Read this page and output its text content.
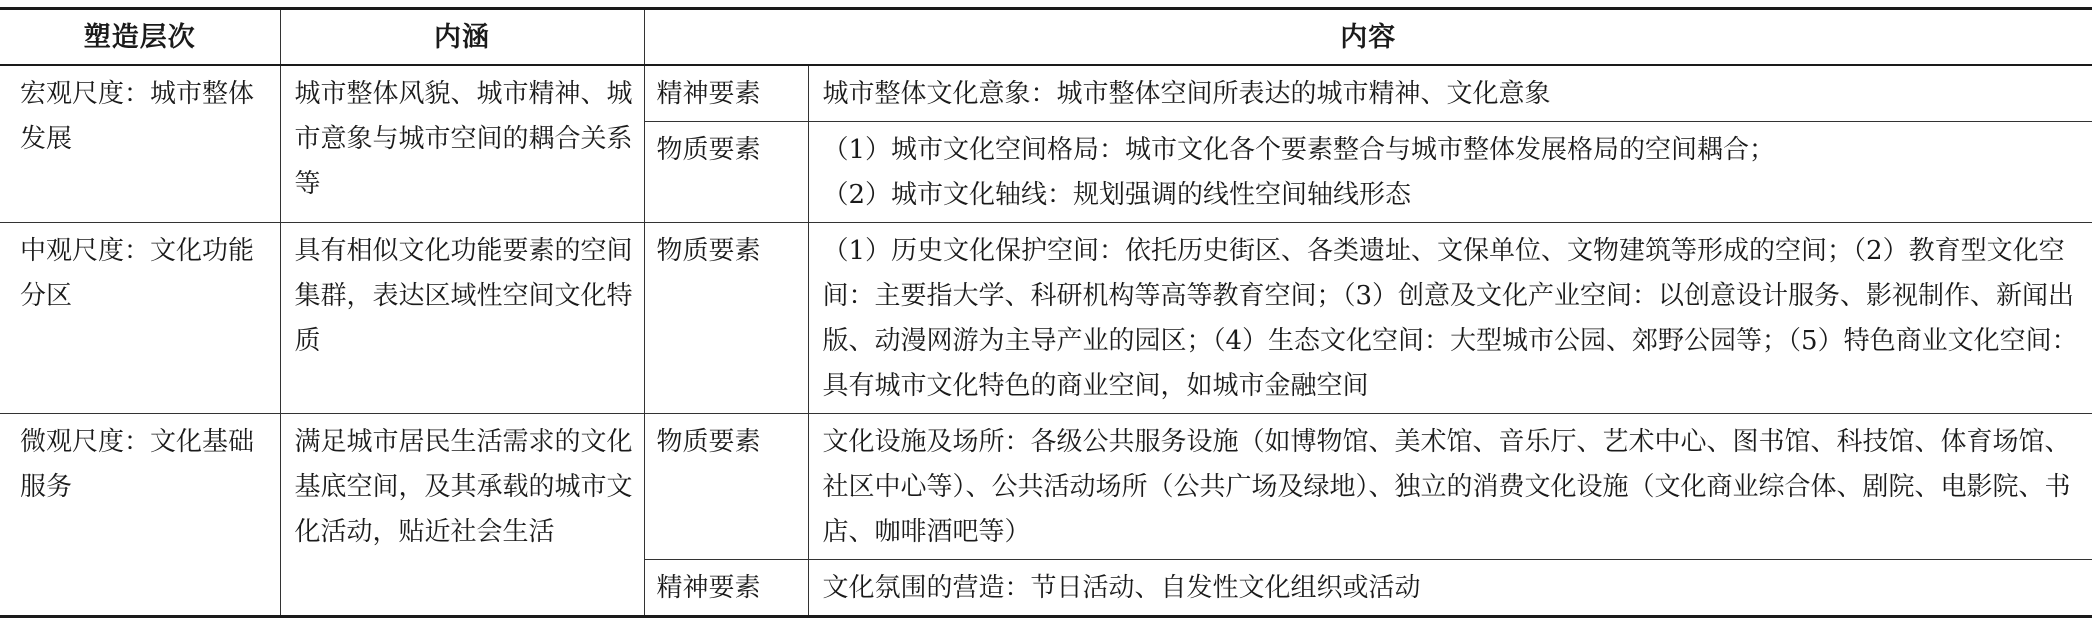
塑造层次	内涵	内容	
宏观尺度：城市整体发展	城市整体风貌、城市精神、城市意象与城市空间的耦合关系等	精神要素	城市整体文化意象：城市整体空间所表达的城市精神、文化意象

		物质要素	（1）城市文化空间格局：城市文化各个要素整合与城市整体发展格局的空间耦合；
（2）城市文化轴线：规划强调的线性空间轴线形态

中观尺度：文化功能分区	具有相似文化功能要素的空间集群，表达区域性空间文化特质	物质要素	（1）历史文化保护空间：依托历史街区、各类遗址、文保单位、文物建筑等形成的空间；（2）教育型文化空间：主要指大学、科研机构等高等教育空间；（3）创意及文化产业空间：以创意设计服务、影视制作、新闻出版、动漫网游为主导产业的园区；（4）生态文化空间：大型城市公园、郊野公园等；（5）特色商业文化空间：具有城市文化特色的商业空间，如城市金融空间
微观尺度：文化基础服务	满足城市居民生活需求的文化基底空间，及其承载的城市文化活动，贴近社会生活	物质要素	文化设施及场所：各级公共服务设施（如博物馆、美术馆、音乐厅、艺术中心、图书馆、科技馆、体育场馆、社区中心等）、公共活动场所（公共广场及绿地）、独立的消费文化设施（文化商业综合体、剧院、电影院、书店、咖啡酒吧等）
		精神要素	文化氛围的营造：节日活动、自发性文化组织或活动
